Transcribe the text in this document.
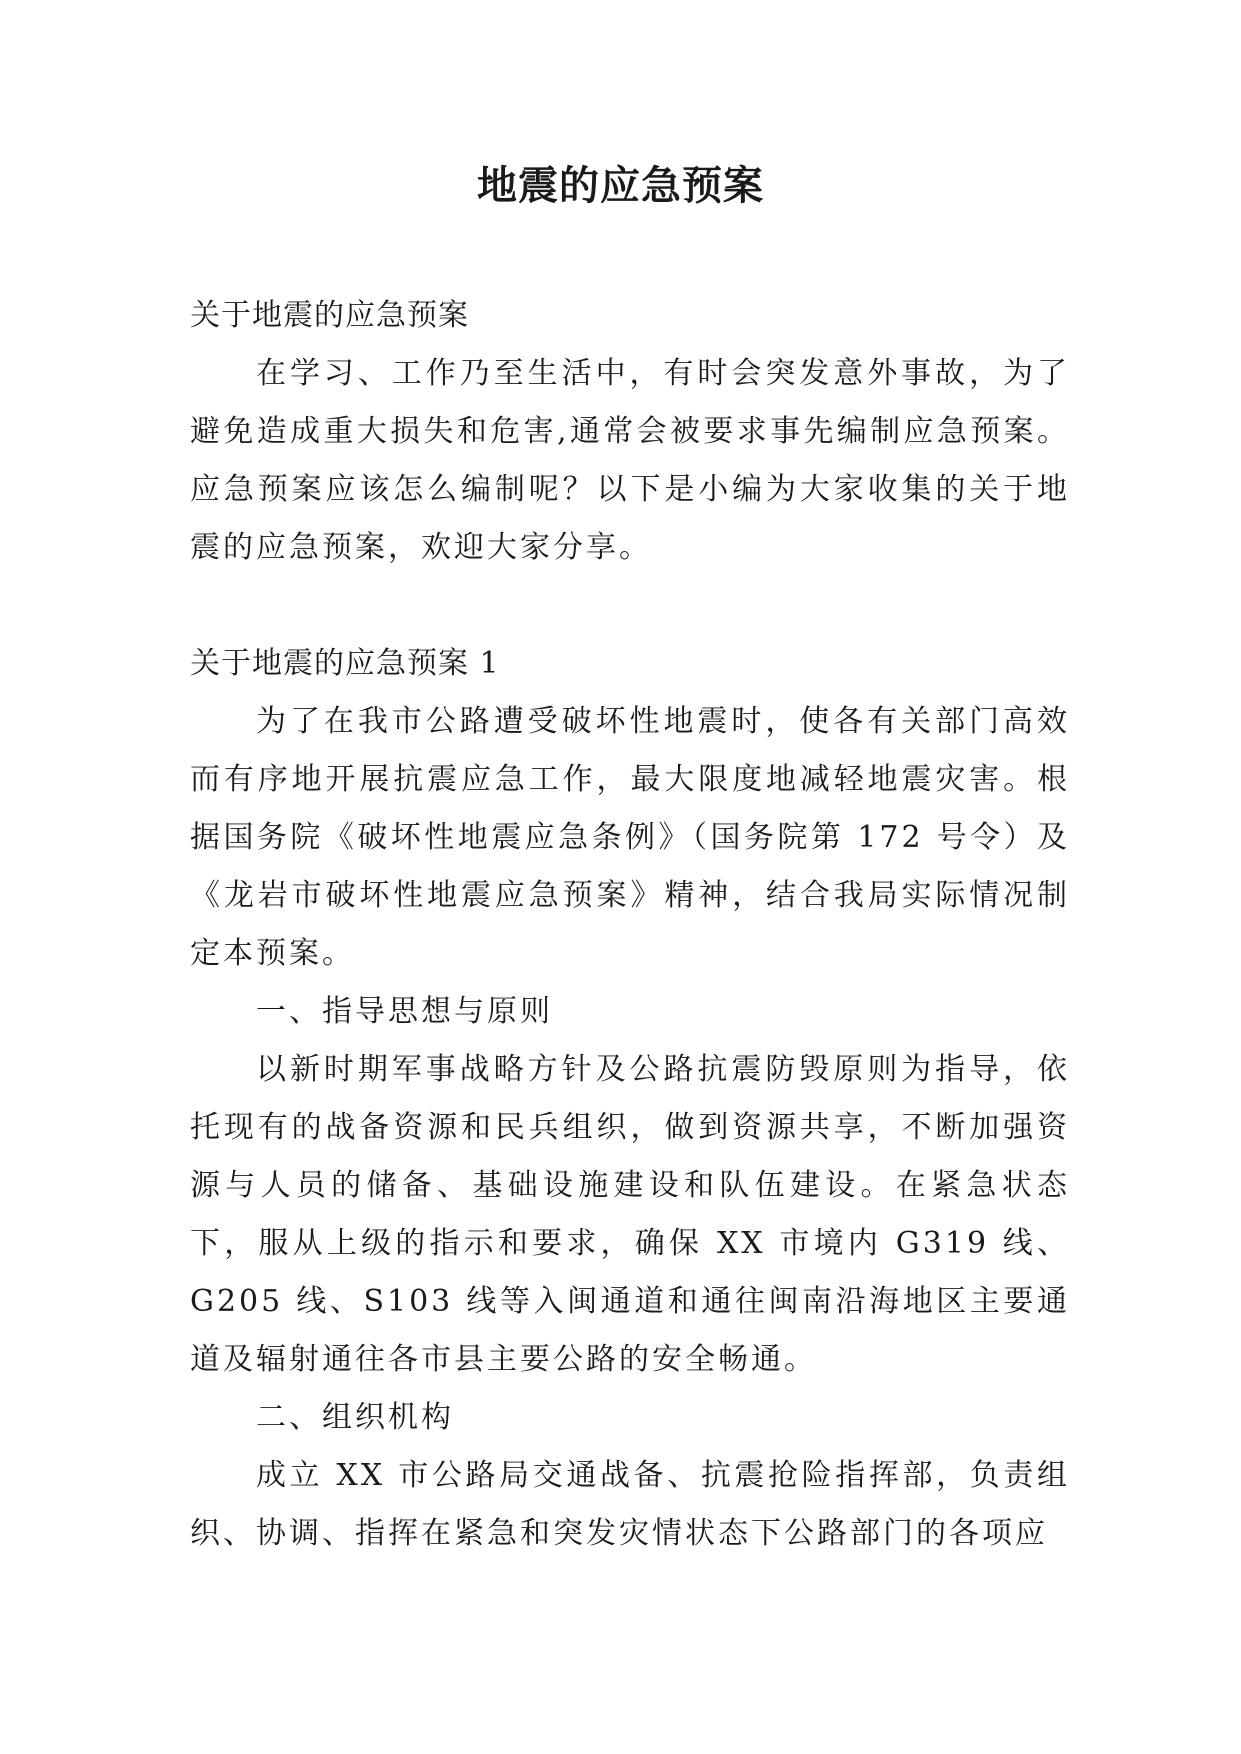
地震的应急预案

关于地震的应急预案

在学习、工作乃至生活中，有时会突发意外事故，为了避免造成重大损失和危害,通常会被要求事先编制应急预案。应急预案应该怎么编制呢？以下是小编为大家收集的关于地震的应急预案，欢迎大家分享。

关于地震的应急预案 1

为了在我市公路遭受破坏性地震时，使各有关部门高效而有序地开展抗震应急工作，最大限度地减轻地震灾害。根据国务院《破坏性地震应急条例》（国务院第 172 号令）及《龙岩市破坏性地震应急预案》精神，结合我局实际情况制定本预案。

一、指导思想与原则

以新时期军事战略方针及公路抗震防毁原则为指导，依托现有的战备资源和民兵组织，做到资源共享，不断加强资源与人员的储备、基础设施建设和队伍建设。在紧急状态下，服从上级的指示和要求，确保 XX 市境内 G319 线、G205 线、S103 线等入闽通道和通往闽南沿海地区主要通道及辐射通往各市县主要公路的安全畅通。

二、组织机构

成立 XX 市公路局交通战备、抗震抢险指挥部，负责组织、协调、指挥在紧急和突发灾情状态下公路部门的各项应
